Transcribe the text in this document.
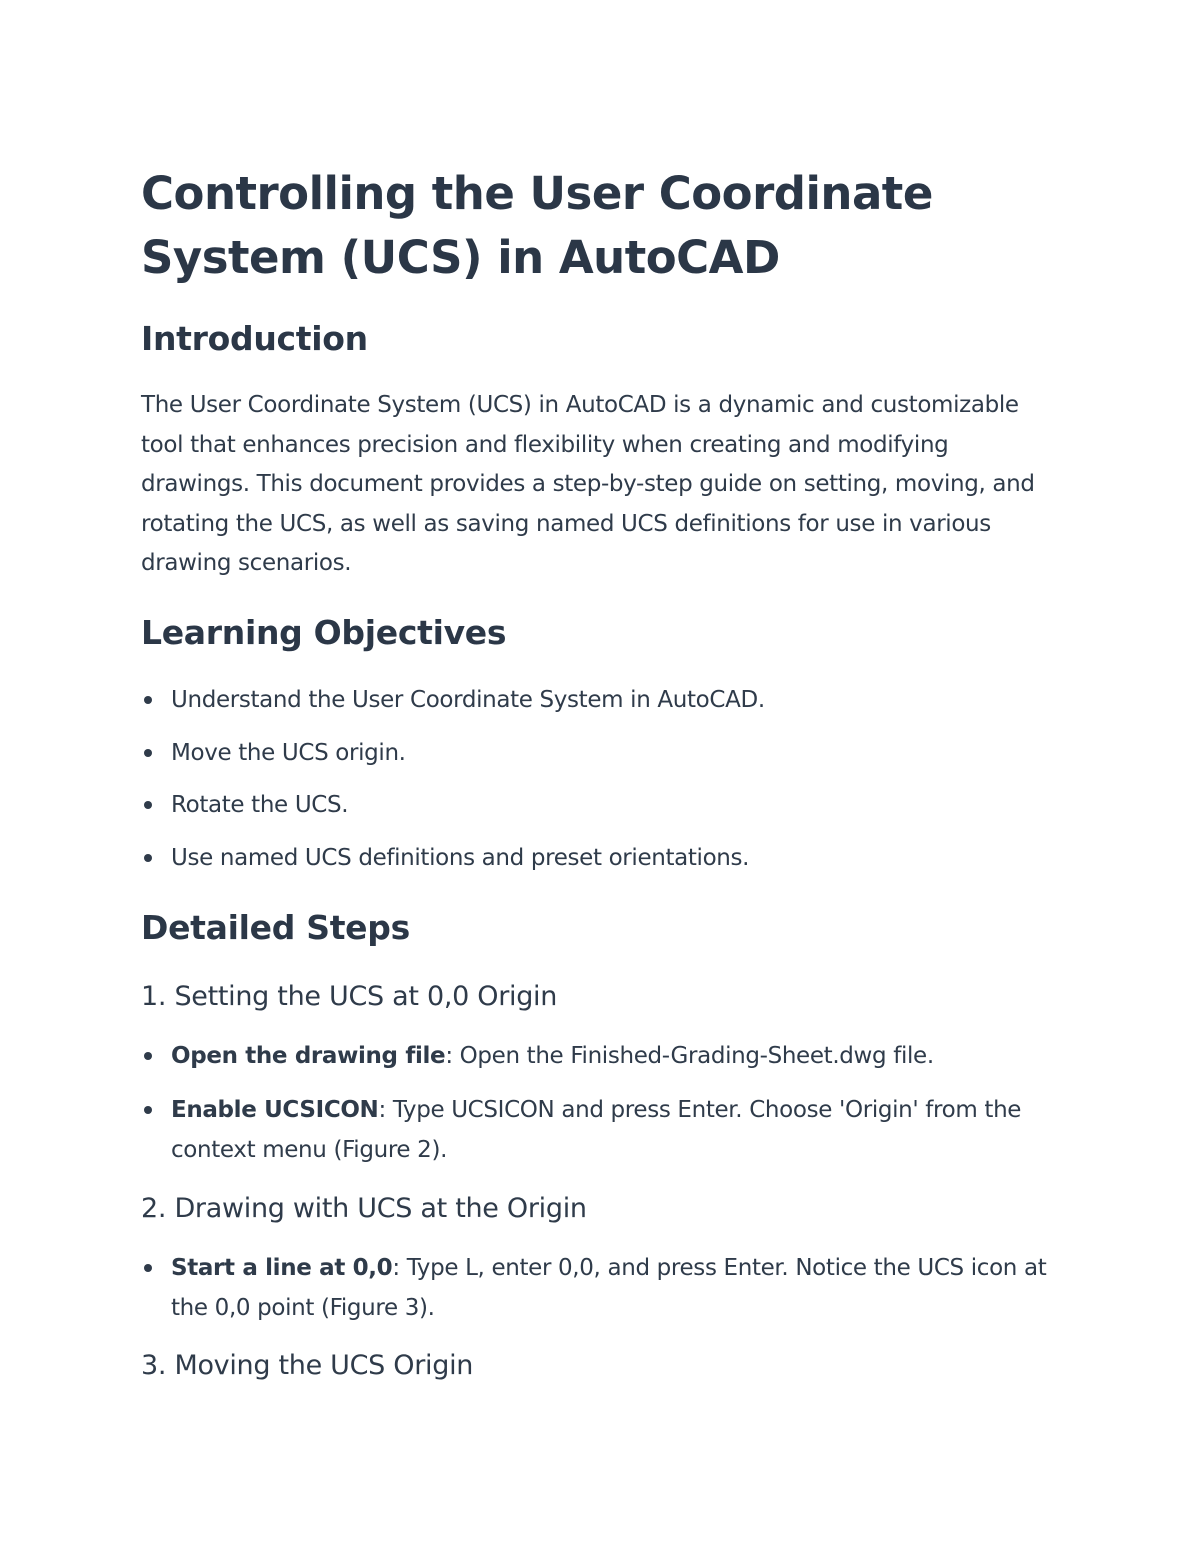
Controlling the User Coordinate System (UCS) in AutoCAD
Introduction

The User Coordinate System (UCS) in AutoCAD is a dynamic and customizable tool that enhances precision and flexibility when creating and modifying drawings. This document provides a step-by-step guide on setting, moving, and rotating the UCS, as well as saving named UCS definitions for use in various drawing scenarios.

Learning Objectives
Understand the User Coordinate System in AutoCAD.
Move the UCS origin.
Rotate the UCS.
Use named UCS definitions and preset orientations.
Detailed Steps
1. Setting the UCS at 0,0 Origin
Open the drawing file: Open the Finished-Grading-Sheet.dwg file.
Enable UCSICON: Type UCSICON and press Enter. Choose 'Origin' from the context menu (Figure 2).
2. Drawing with UCS at the Origin
Start a line at 0,0: Type L, enter 0,0, and press Enter. Notice the UCS icon at the 0,0 point (Figure 3).
3. Moving the UCS Origin
